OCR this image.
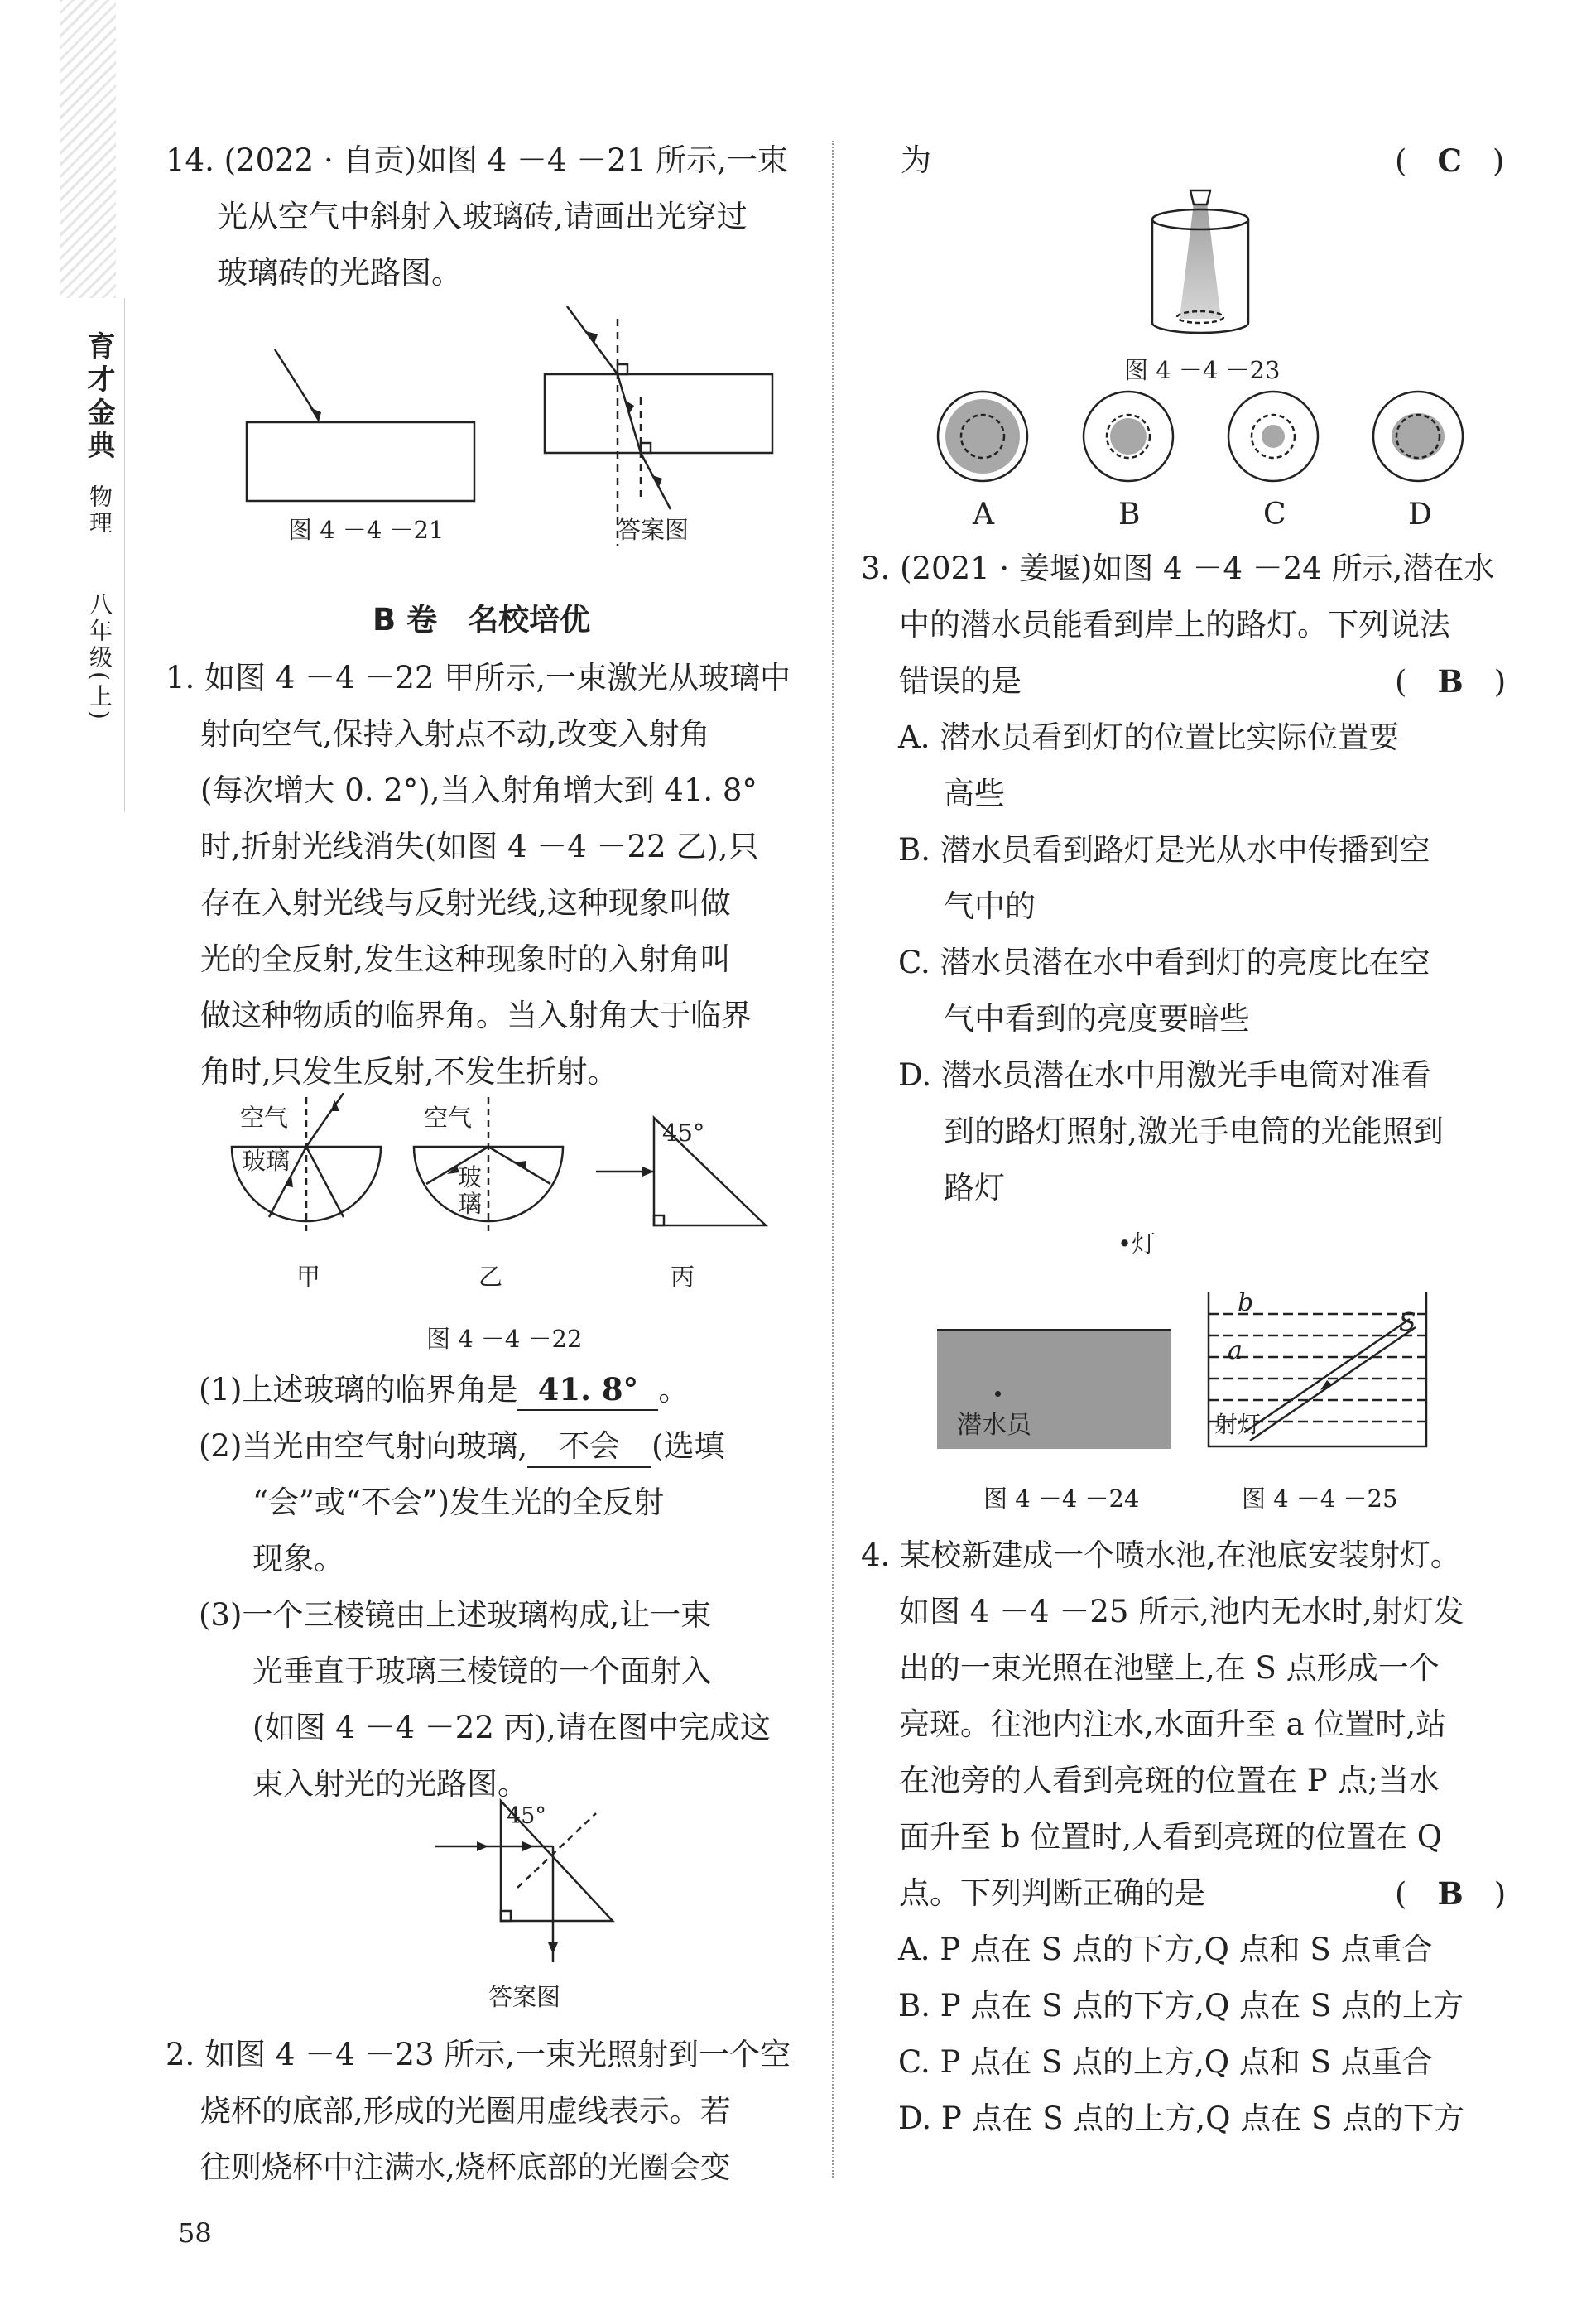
育才金典
物理
八年级(上)
14. (2022 · 自贡)如图 4 －4 －21 所示,一束
光从空气中斜射入玻璃砖,请画出光穿过
玻璃砖的光路图。
图 4 －4 －21	答案图
B 卷　名校培优
1. 如图 4 －4 －22 甲所示,一束激光从玻璃中
射向空气,保持入射点不动,改变入射角
(每次增大 0. 2°),当入射角增大到 41. 8°
时,折射光线消失(如图 4 －4 －22 乙),只
存在入射光线与反射光线,这种现象叫做
光的全反射,发生这种现象时的入射角叫
做这种物质的临界角。当入射角大于临界
角时,只发生反射,不发生折射。
空气
玻璃
空气
玻
璃
45°
甲	乙	丙
图 4 －4 －22
(1)上述玻璃的临界角是 41. 8° 。
(2)当光由空气射向玻璃, 不会 (选填
“会”或“不会”)发生光的全反射
现象。
(3)一个三棱镜由上述玻璃构成,让一束
光垂直于玻璃三棱镜的一个面射入
(如图 4 －4 －22 丙),请在图中完成这
束入射光的光路图。
45°
答案图
2. 如图 4 －4 －23 所示,一束光照射到一个空
烧杯的底部,形成的光圈用虚线表示。若
往则烧杯中注满水,烧杯底部的光圈会变
58
为	(　C　)
图 4 －4 －23
A	B	C	D
3. (2021 · 姜堰)如图 4 －4 －24 所示,潜在水
中的潜水员能看到岸上的路灯。下列说法
错误的是	(　B　)
A. 潜水员看到灯的位置比实际位置要
高些
B. 潜水员看到路灯是光从水中传播到空
气中的
C. 潜水员潜在水中看到灯的亮度比在空
气中看到的亮度要暗些
D. 潜水员潜在水中用激光手电筒对准看
到的路灯照射,激光手电筒的光能照到
路灯
•灯
潜水员
b
a
S
射灯
图 4 －4 －24	图 4 －4 －25
4. 某校新建成一个喷水池,在池底安装射灯。
如图 4 －4 －25 所示,池内无水时,射灯发
出的一束光照在池壁上,在 S 点形成一个
亮斑。往池内注水,水面升至 a 位置时,站
在池旁的人看到亮斑的位置在 P 点;当水
面升至 b 位置时,人看到亮斑的位置在 Q
点。下列判断正确的是	(　B　)
A. P 点在 S 点的下方,Q 点和 S 点重合
B. P 点在 S 点的下方,Q 点在 S 点的上方
C. P 点在 S 点的上方,Q 点和 S 点重合
D. P 点在 S 点的上方,Q 点在 S 点的下方
